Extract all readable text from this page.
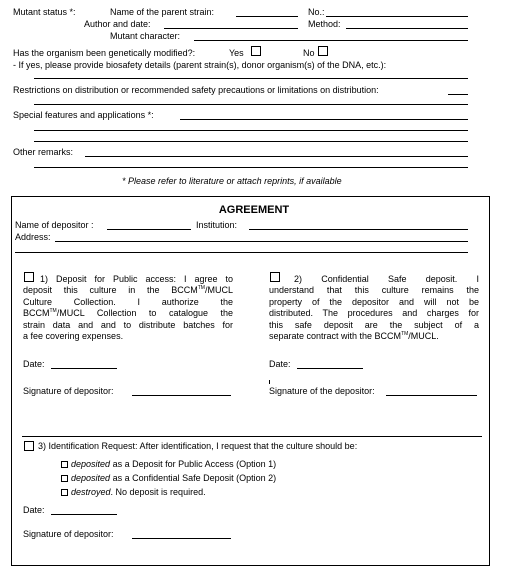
Mutant status *:	Name of the parent strain:	No.:
Author and date:	Method:
Mutant character:
Has the organism been genetically modified?:	Yes	No
- If yes, please provide biosafety details (parent strain(s), donor organism(s) of the DNA, etc.):
Restrictions on distribution or recommended safety precautions or limitations on distribution:
Special features and applications *:
Other remarks:
* Please refer to literature or attach reprints, if available
AGREEMENT
Name of depositor :	Institution:
Address:
1) Deposit for Public access: I agree to
deposit this culture in the BCCM™/MUCL
Culture Collection. I authorize the
BCCM™/MUCL Collection to catalogue the
strain data and and to distribute batches for
a fee covering expenses.
Date:
Signature of depositor:
2) Confidential Safe deposit. I
understand that this culture remains the
property of the depositor and will not be
distributed. The procedures and charges for
this safe deposit are the subject of a
separate contract with the BCCM™/MUCL.
Date:
Signature of the depositor:
3) Identification Request: After identification, I request that the culture should be:
deposited as a Deposit for Public Access (Option 1)
deposited as a Confidential Safe Deposit (Option 2)
destroyed. No deposit is required.
Date:
Signature of depositor:
